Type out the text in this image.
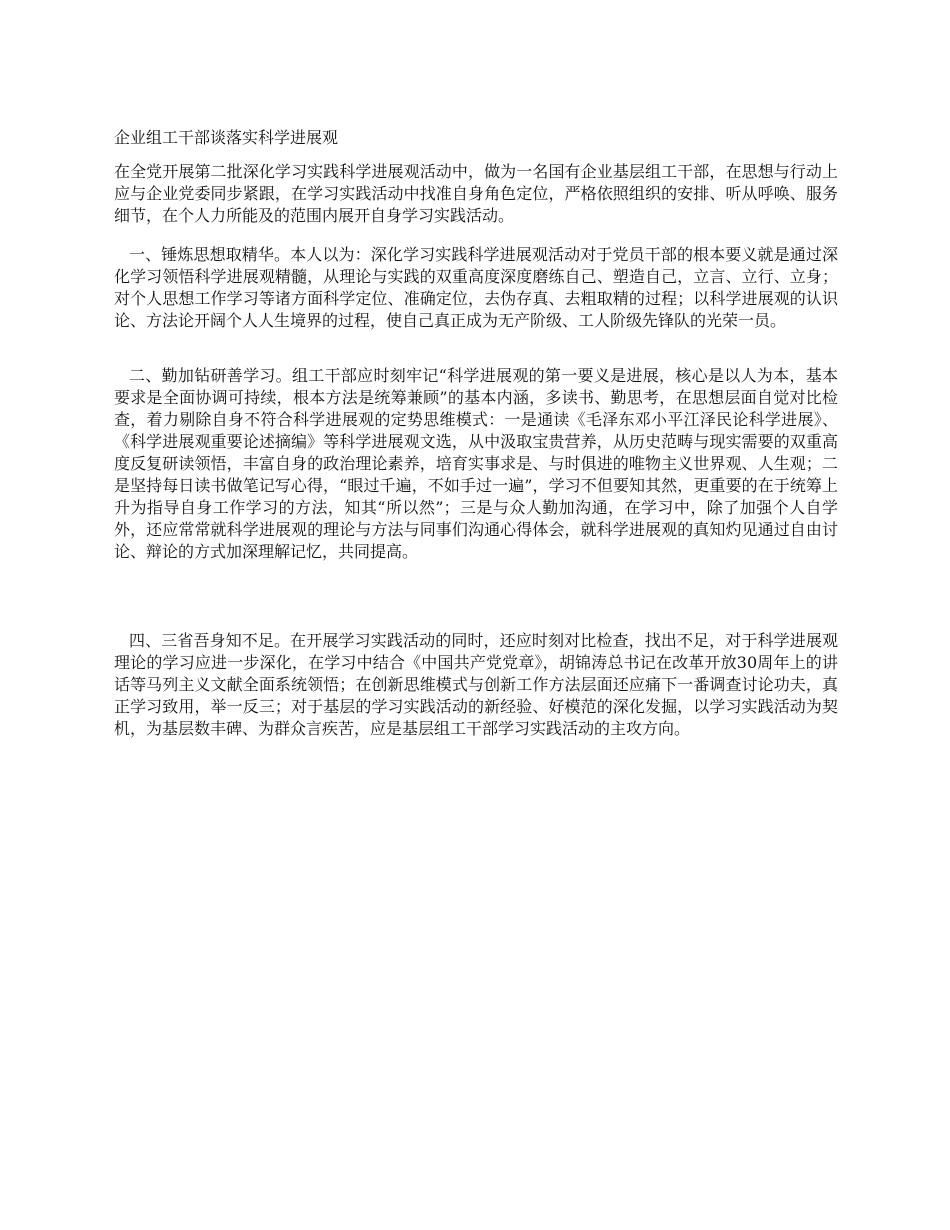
企业组工干部谈落实科学进展观

在全党开展第二批深化学习实践科学进展观活动中，做为一名国有企业基层组工干部，在思想与行动上应与企业党委同步紧跟，在学习实践活动中找准自身角色定位，严格依照组织的安排、听从呼唤、服务细节，在个人力所能及的范围内展开自身学习实践活动。

一、锤炼思想取精华。本人以为：深化学习实践科学进展观活动对于党员干部的根本要义就是通过深化学习领悟科学进展观精髓，从理论与实践的双重高度深度磨练自己、塑造自己，立言、立行、立身；对个人思想工作学习等诸方面科学定位、准确定位，去伪存真、去粗取精的过程；以科学进展观的认识论、方法论开阔个人人生境界的过程，使自己真正成为无产阶级、工人阶级先锋队的光荣一员。

二、勤加钻研善学习。组工干部应时刻牢记“科学进展观的第一要义是进展，核心是以人为本，基本要求是全面协调可持续，根本方法是统筹兼顾”的基本内涵，多读书、勤思考，在思想层面自觉对比检查，着力剔除自身不符合科学进展观的定势思维模式：一是通读《毛泽东邓小平江泽民论科学进展》、《科学进展观重要论述摘编》等科学进展观文选，从中汲取宝贵营养，从历史范畴与现实需要的双重高度反复研读领悟，丰富自身的政治理论素养，培育实事求是、与时俱进的唯物主义世界观、人生观；二是坚持每日读书做笔记写心得，“眼过千遍，不如手过一遍”，学习不但要知其然，更重要的在于统筹上升为指导自身工作学习的方法，知其“所以然”；三是与众人勤加沟通，在学习中，除了加强个人自学外，还应常常就科学进展观的理论与方法与同事们沟通心得体会，就科学进展观的真知灼见通过自由讨论、辩论的方式加深理解记忆，共同提高。

四、三省吾身知不足。在开展学习实践活动的同时，还应时刻对比检查，找出不足，对于科学进展观理论的学习应进一步深化，在学习中结合《中国共产党党章》，胡锦涛总书记在改革开放30周年上的讲话等马列主义文献全面系统领悟；在创新思维模式与创新工作方法层面还应痛下一番调查讨论功夫，真正学习致用，举一反三；对于基层的学习实践活动的新经验、好模范的深化发掘，以学习实践活动为契机，为基层数丰碑、为群众言疾苦，应是基层组工干部学习实践活动的主攻方向。
